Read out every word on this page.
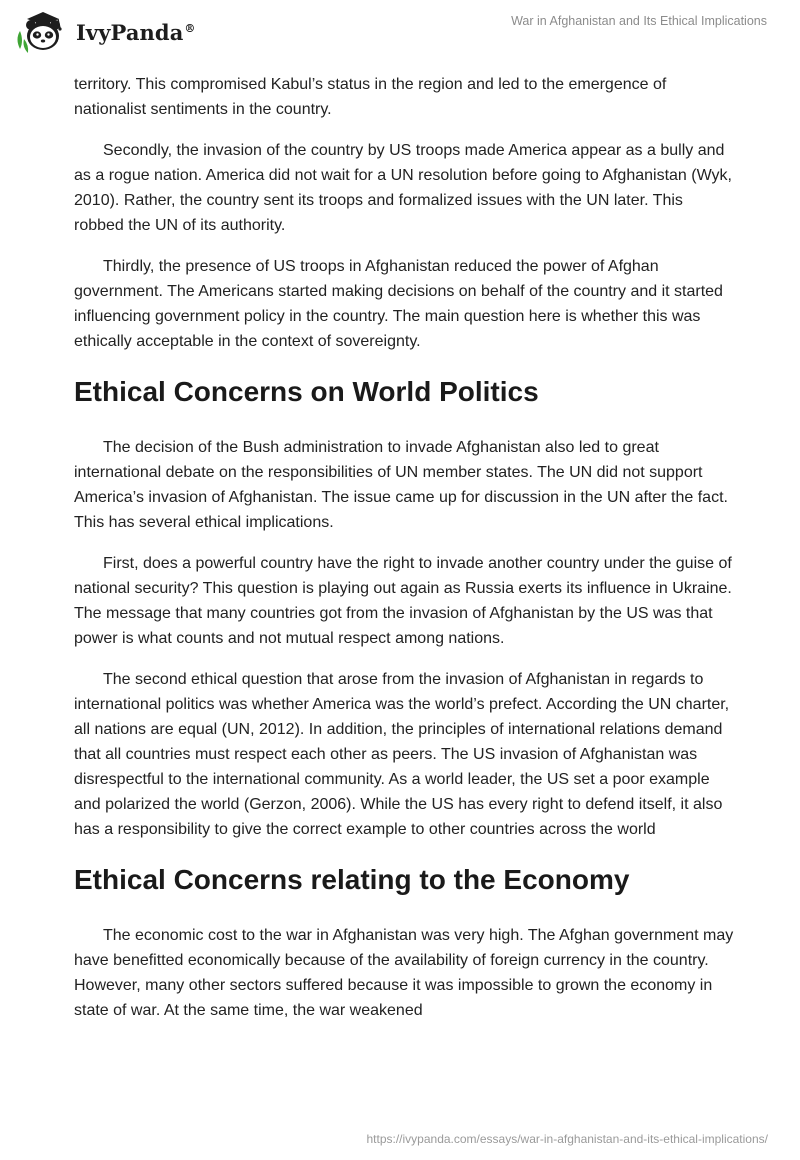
IvyPanda®	War in Afghanistan and Its Ethical Implications

territory. This compromised Kabul’s status in the region and led to the emergence of nationalist sentiments in the country.

Secondly, the invasion of the country by US troops made America appear as a bully and as a rogue nation. America did not wait for a UN resolution before going to Afghanistan (Wyk, 2010). Rather, the country sent its troops and formalized issues with the UN later. This robbed the UN of its authority.

Thirdly, the presence of US troops in Afghanistan reduced the power of Afghan government. The Americans started making decisions on behalf of the country and it started influencing government policy in the country. The main question here is whether this was ethically acceptable in the context of sovereignty.

Ethical Concerns on World Politics

The decision of the Bush administration to invade Afghanistan also led to great international debate on the responsibilities of UN member states. The UN did not support America’s invasion of Afghanistan. The issue came up for discussion in the UN after the fact. This has several ethical implications.

First, does a powerful country have the right to invade another country under the guise of national security? This question is playing out again as Russia exerts its influence in Ukraine. The message that many countries got from the invasion of Afghanistan by the US was that power is what counts and not mutual respect among nations.

The second ethical question that arose from the invasion of Afghanistan in regards to international politics was whether America was the world’s prefect. According the UN charter, all nations are equal (UN, 2012). In addition, the principles of international relations demand that all countries must respect each other as peers. The US invasion of Afghanistan was disrespectful to the international community. As a world leader, the US set a poor example and polarized the world (Gerzon, 2006). While the US has every right to defend itself, it also has a responsibility to give the correct example to other countries across the world

Ethical Concerns relating to the Economy

The economic cost to the war in Afghanistan was very high. The Afghan government may have benefitted economically because of the availability of foreign currency in the country. However, many other sectors suffered because it was impossible to grown the economy in state of war. At the same time, the war weakened

https://ivypanda.com/essays/war-in-afghanistan-and-its-ethical-implications/
